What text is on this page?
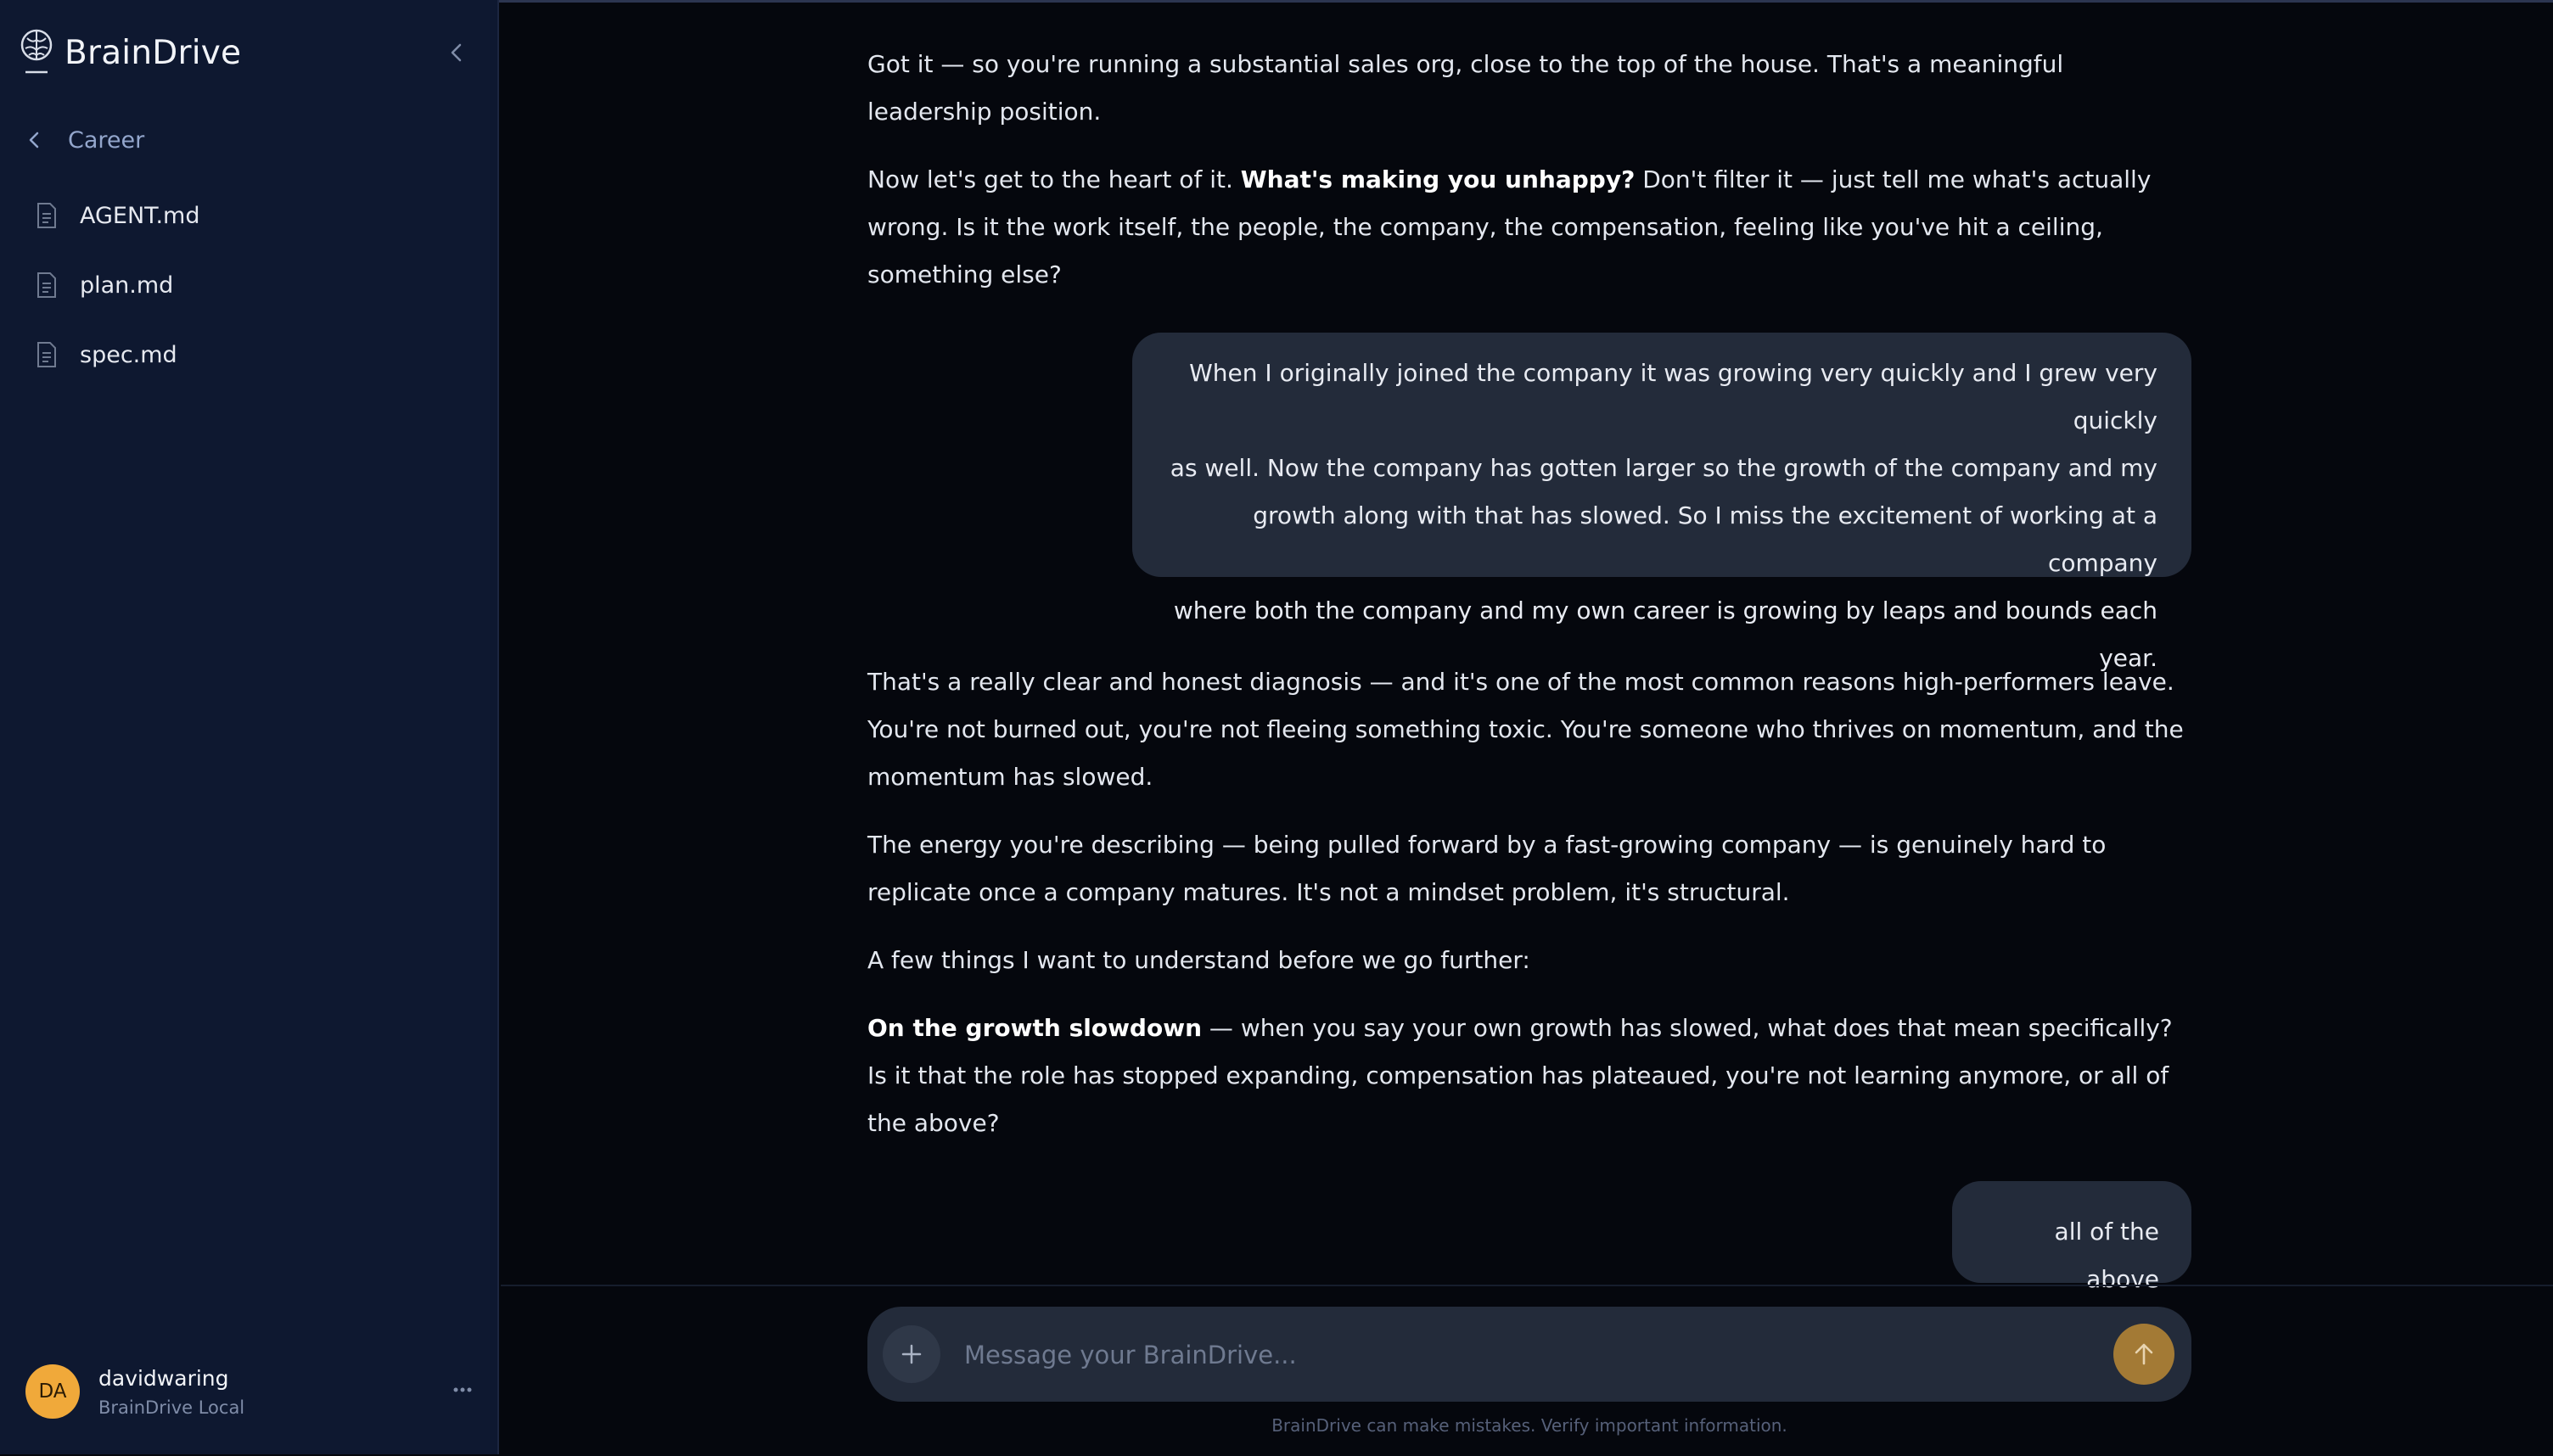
BrainDrive
Career
AGENT.md
plan.md
spec.md
DA
davidwaring
BrainDrive Local

Got it — so you're running a substantial sales org, close to the top of the house. That's a meaningful leadership position.

Now let's get to the heart of it. What's making you unhappy? Don't filter it — just tell me what's actually wrong. Is it the work itself, the people, the company, the compensation, feeling like you've hit a ceiling, something else?

When I originally joined the company it was growing very quickly and I grew very quickly
as well. Now the company has gotten larger so the growth of the company and my
growth along with that has slowed. So I miss the excitement of working at a company
where both the company and my own career is growing by leaps and bounds each year.

That's a really clear and honest diagnosis — and it's one of the most common reasons high-performers leave. You're not burned out, you're not fleeing something toxic. You're someone who thrives on momentum, and the momentum has slowed.

The energy you're describing — being pulled forward by a fast-growing company — is genuinely hard to replicate once a company matures. It's not a mindset problem, it's structural.

A few things I want to understand before we go further:

On the growth slowdown — when you say your own growth has slowed, what does that mean specifically? Is it that the role has stopped expanding, compensation has plateaued, you're not learning anymore, or all of the above?

all of the above
Message your BrainDrive...
BrainDrive can make mistakes. Verify important information.
